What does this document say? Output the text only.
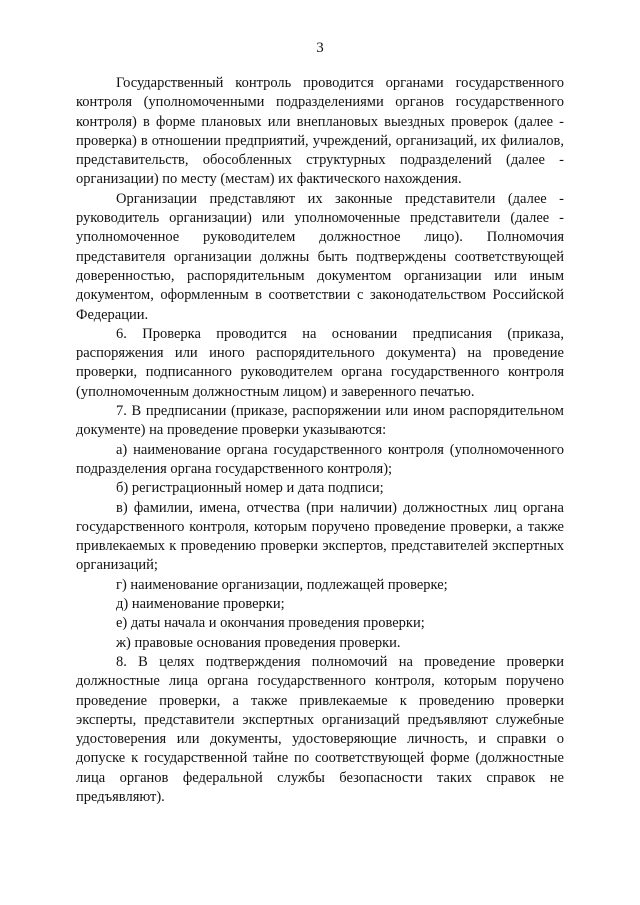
3

Государственный контроль проводится органами государственного контроля (уполномоченными подразделениями органов государственного контроля) в форме плановых или внеплановых выездных проверок (далее - проверка) в отношении предприятий, учреждений, организаций, их филиалов, представительств, обособленных структурных подразделений (далее - организации) по месту (местам) их фактического нахождения.

Организации представляют их законные представители (далее - руководитель организации) или уполномоченные представители (далее - уполномоченное руководителем должностное лицо). Полномочия представителя организации должны быть подтверждены соответствующей доверенностью, распорядительным документом организации или иным документом, оформленным в соответствии с законодательством Российской Федерации.

6. Проверка проводится на основании предписания (приказа, распоряжения или иного распорядительного документа) на проведение проверки, подписанного руководителем органа государственного контроля (уполномоченным должностным лицом) и заверенного печатью.

7. В предписании (приказе, распоряжении или ином распорядительном документе) на проведение проверки указываются:

а) наименование органа государственного контроля (уполномоченного подразделения органа государственного контроля);

б) регистрационный номер и дата подписи;

в) фамилии, имена, отчества (при наличии) должностных лиц органа государственного контроля, которым поручено проведение проверки, а также привлекаемых к проведению проверки экспертов, представителей экспертных организаций;

г) наименование организации, подлежащей проверке;

д) наименование проверки;

е) даты начала и окончания проведения проверки;

ж) правовые основания проведения проверки.

8. В целях подтверждения полномочий на проведение проверки должностные лица органа государственного контроля, которым поручено проведение проверки, а также привлекаемые к проведению проверки эксперты, представители экспертных организаций предъявляют служебные удостоверения или документы, удостоверяющие личность, и справки о допуске к государственной тайне по соответствующей форме (должностные лица органов федеральной службы безопасности таких справок не предъявляют).
